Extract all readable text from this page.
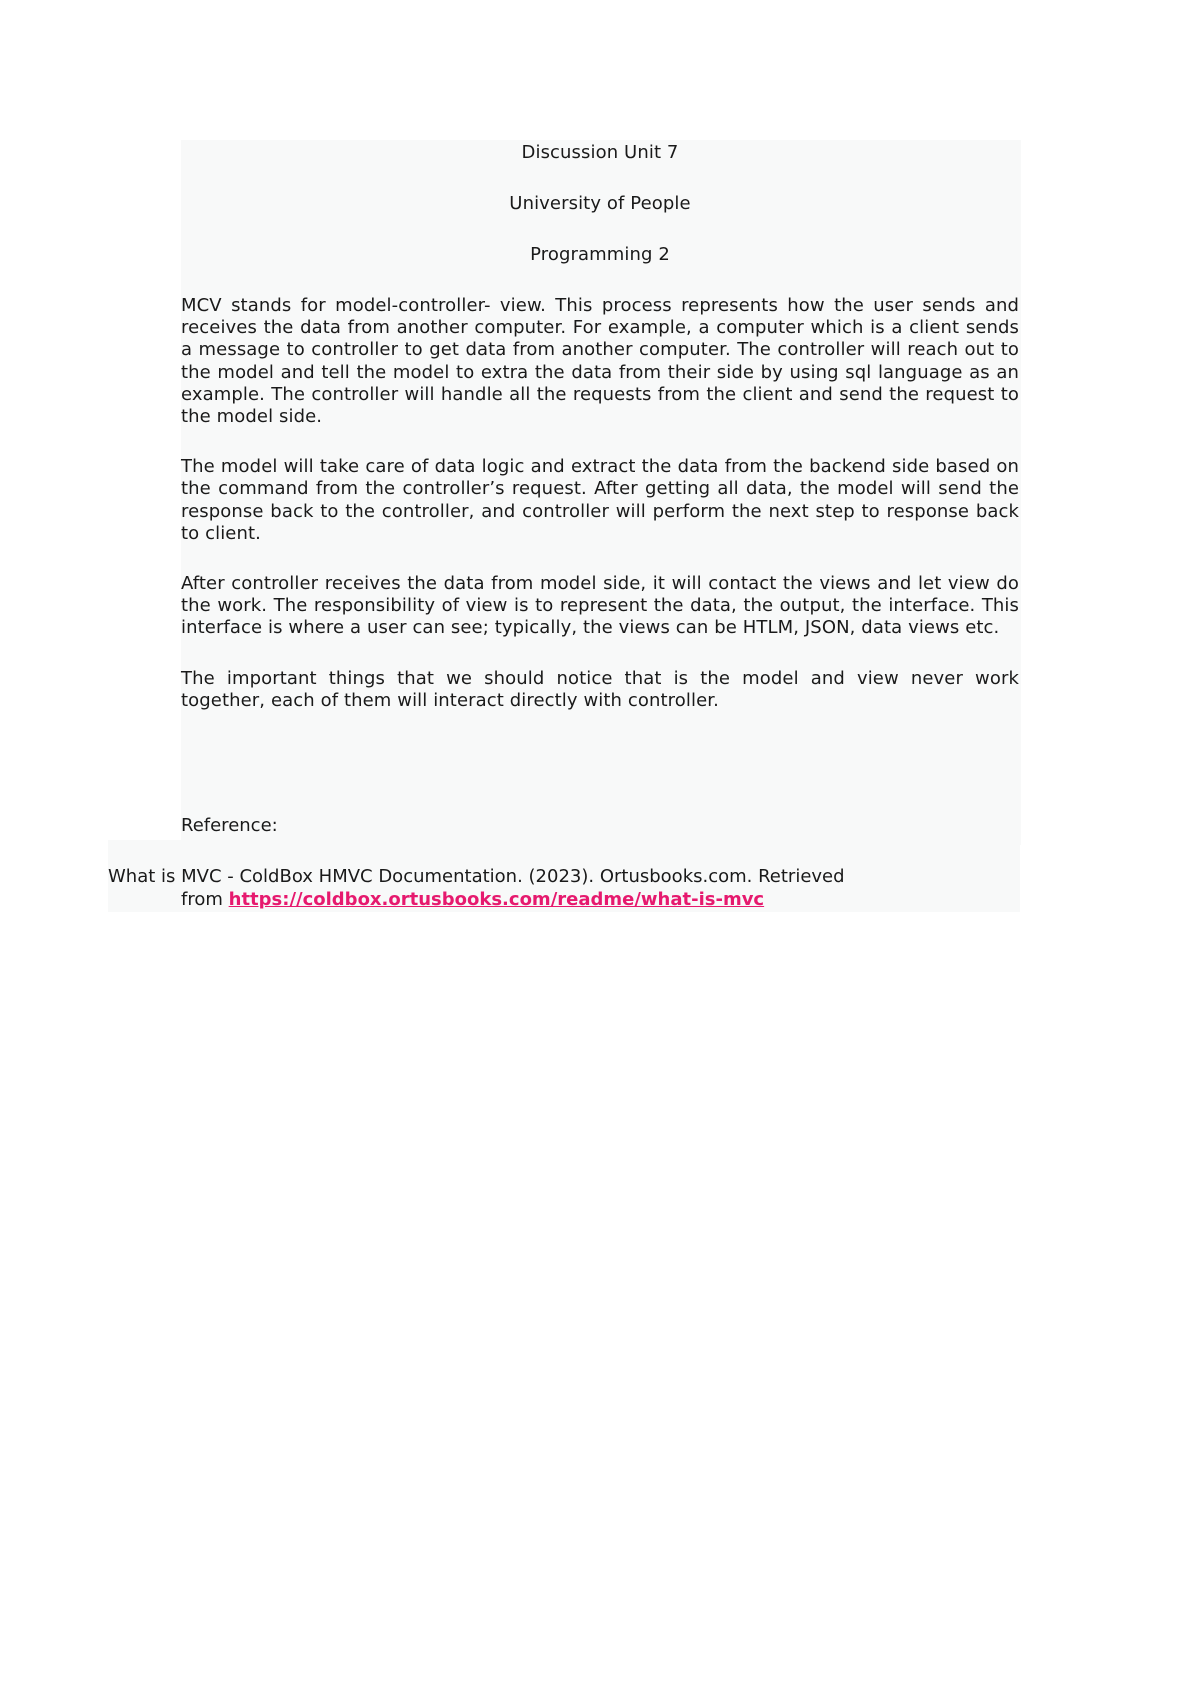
Discussion Unit 7
University of People
Programming 2

MCV stands for model-controller- view. This process represents how the user sends and receives the data from another computer. For example, a computer which is a client sends a message to controller to get data from another computer. The controller will reach out to the model and tell the model to extra the data from their side by using sql language as an example. The controller will handle all the requests from the client and send the request to the model side.

The model will take care of data logic and extract the data from the backend side based on the command from the controller’s request. After getting all data, the model will send the response back to the controller, and controller will perform the next step to response back to client.

After controller receives the data from model side, it will contact the views and let view do the work. The responsibility of view is to represent the data, the output, the interface. This interface is where a user can see; typically, the views can be HTLM, JSON, data views etc.

The important things that we should notice that is the model and view never work together, each of them will interact directly with controller.

Reference:
What is MVC - ColdBox HMVC Documentation. (2023). Ortusbooks.com. Retrieved
from https://coldbox.ortusbooks.com/readme/what-is-mvc
